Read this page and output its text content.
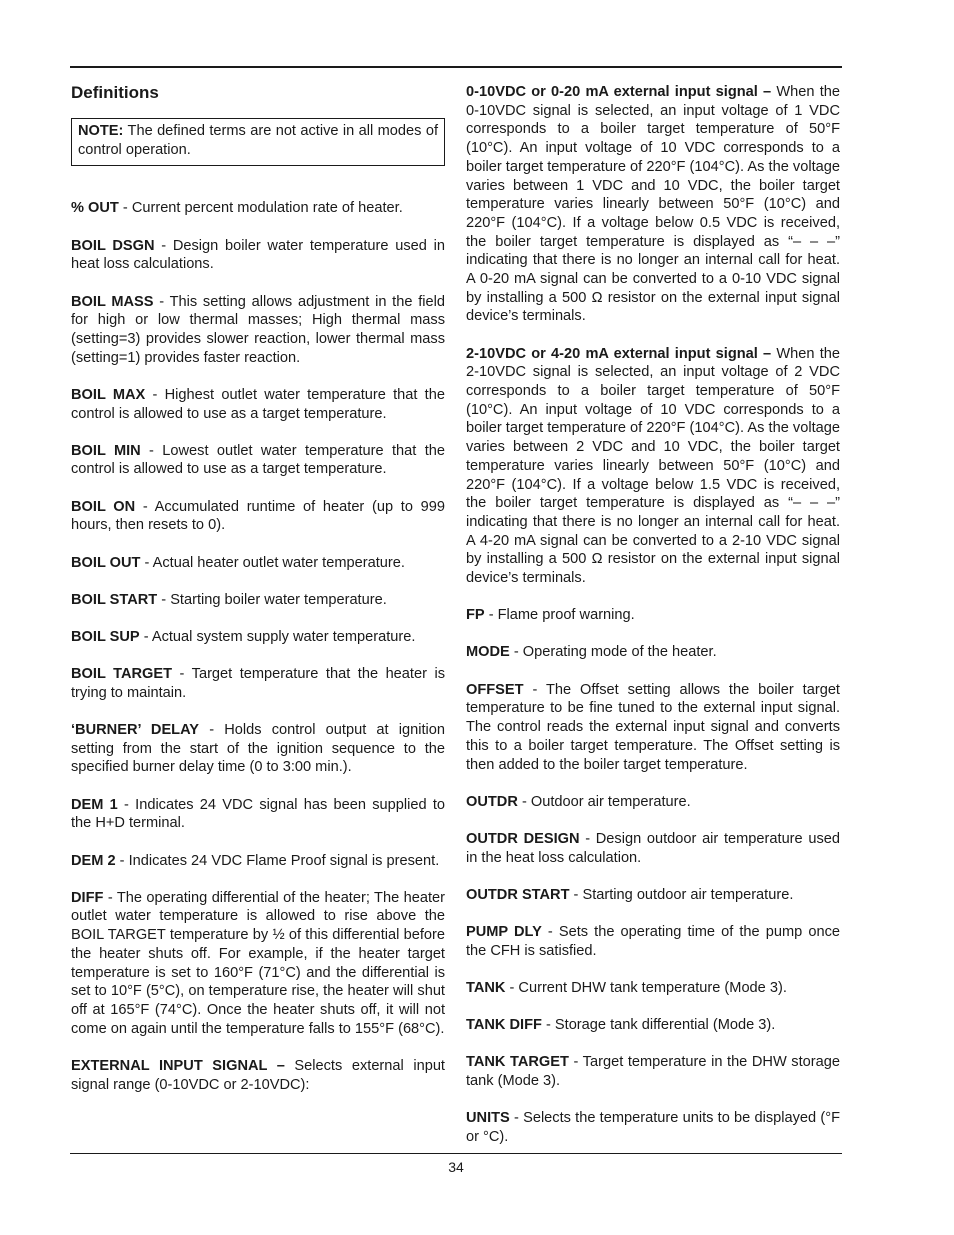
Definitions
NOTE: The defined terms are not active in all modes of control operation.
% OUT - Current percent modulation rate of heater.
BOIL DSGN - Design boiler water temperature used in heat loss calculations.
BOIL MASS - This setting allows adjustment in the field for high or low thermal masses; High thermal mass (setting=3) provides slower reaction, lower thermal mass (setting=1) provides faster reaction.
BOIL MAX - Highest outlet water temperature that the control is allowed to use as a target temperature.
BOIL MIN - Lowest outlet water temperature that the control is allowed to use as a target temperature.
BOIL ON - Accumulated runtime of heater (up to 999 hours, then resets to 0).
BOIL OUT - Actual heater outlet water temperature.
BOIL START - Starting boiler water temperature.
BOIL SUP - Actual system supply water temperature.
BOIL TARGET - Target temperature that the heater is trying to maintain.
‘BURNER’ DELAY - Holds control output at ignition setting from the start of the ignition sequence to the specified burner delay time (0 to 3:00 min.).
DEM 1 - Indicates 24 VDC signal has been supplied to the H+D terminal.
DEM 2 - Indicates 24 VDC Flame Proof signal is present.
DIFF - The operating differential of the heater; The heater outlet water temperature is allowed to rise above the BOIL TARGET temperature by ½ of this differential before the heater shuts off. For example, if the heater target temperature is set to 160°F (71°C) and the differential is set to 10°F (5°C), on temperature rise, the heater will shut off at 165°F (74°C). Once the heater shuts off, it will not come on again until the temperature falls to 155°F (68°C).
EXTERNAL INPUT SIGNAL – Selects external input signal range (0-10VDC or 2-10VDC):
0-10VDC or 0-20 mA external input signal – When the 0-10VDC signal is selected, an input voltage of 1 VDC corresponds to a boiler target temperature of 50°F (10°C). An input voltage of 10 VDC corresponds to a boiler target temperature of 220°F (104°C). As the voltage varies between 1 VDC and 10 VDC, the boiler target temperature varies linearly between 50°F (10°C) and 220°F (104°C). If a voltage below 0.5 VDC is received, the boiler target temperature is displayed as “– – –” indicating that there is no longer an internal call for heat. A 0-20 mA signal can be converted to a 0-10 VDC signal by installing a 500 Ω resistor on the external input signal device’s terminals.
2-10VDC or 4-20 mA external input signal – When the 2-10VDC signal is selected, an input voltage of 2 VDC corresponds to a boiler target temperature of 50°F (10°C). An input voltage of 10 VDC corresponds to a boiler target temperature of 220°F (104°C). As the voltage varies between 2 VDC and 10 VDC, the boiler target temperature varies linearly between 50°F (10°C) and 220°F (104°C). If a voltage below 1.5 VDC is received, the boiler target temperature is displayed as “– – –” indicating that there is no longer an internal call for heat. A 4-20 mA signal can be converted to a 2-10 VDC signal by installing a 500 Ω resistor on the external input signal device’s terminals.
FP - Flame proof warning.
MODE - Operating mode of the heater.
OFFSET - The Offset setting allows the boiler target temperature to be fine tuned to the external input signal. The control reads the external input signal and converts this to a boiler target temperature. The Offset setting is then added to the boiler target temperature.
OUTDR - Outdoor air temperature.
OUTDR DESIGN - Design outdoor air temperature used in the heat loss calculation.
OUTDR START - Starting outdoor air temperature.
PUMP DLY - Sets the operating time of the pump once the CFH is satisfied.
TANK - Current DHW tank temperature (Mode 3).
TANK DIFF - Storage tank differential (Mode 3).
TANK TARGET - Target temperature in the DHW storage tank (Mode 3).
UNITS - Selects the temperature units to be displayed (°F or °C).
34
